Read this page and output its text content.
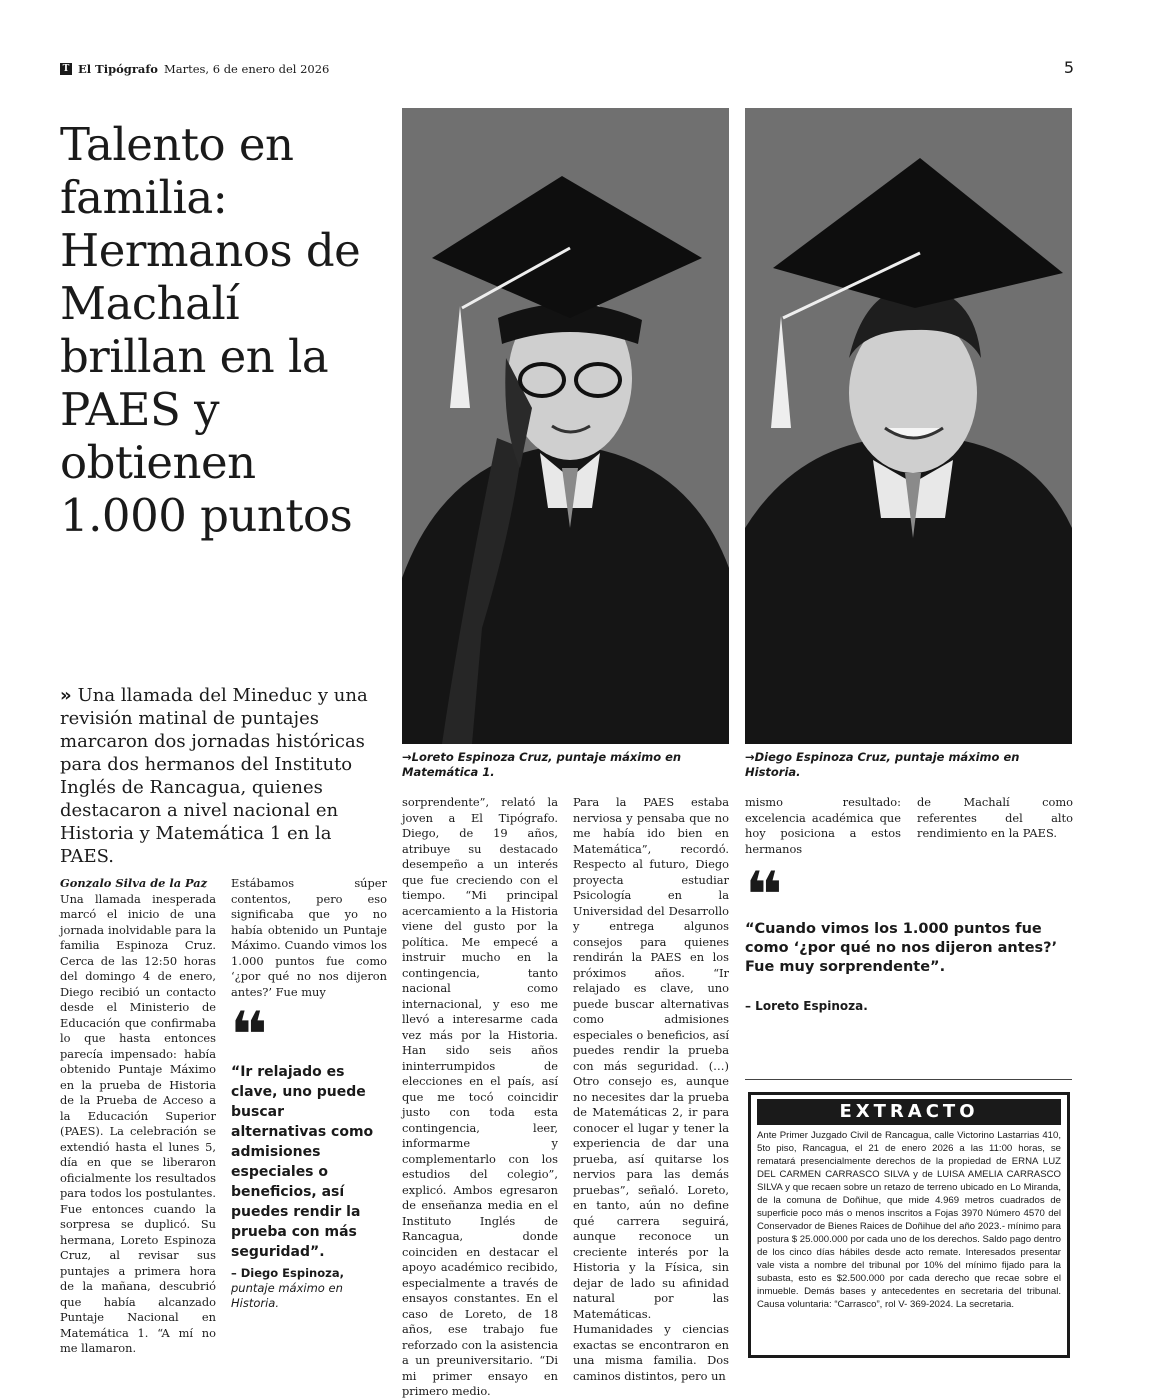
T El Tipógrafo Martes, 6 de enero del 2026	5
Talento en familia: Hermanos de Machalí brillan en la PAES y obtienen 1.000 puntos
» Una llamada del Mineduc y una revisión matinal de puntajes marcaron dos jornadas históricas para dos hermanos del Instituto Inglés de Rancagua, quienes destacaron a nivel nacional en Historia y Matemática 1 en la PAES.
→Loreto Espinoza Cruz, puntaje máximo en Matemática 1.
→Diego Espinoza Cruz, puntaje máximo en Historia.

Gonzalo Silva de la Paz

Una llamada inesperada marcó el inicio de una jornada inolvidable para la familia Espinoza Cruz. Cerca de las 12:50 horas del domingo 4 de enero, Diego recibió un contacto desde el Ministerio de Educación que confirmaba lo que hasta entonces parecía impensado: había obtenido Puntaje Máximo en la prueba de Historia de la Prueba de Acceso a la Educación Superior (PAES). La celebración se extendió hasta el lunes 5, día en que se liberaron oficialmente los resultados para todos los postulantes. Fue entonces cuando la sorpresa se duplicó. Su hermana, Loreto Espinoza Cruz, al revisar sus puntajes a primera hora de la mañana, descubrió que había alcanzado Puntaje Nacional en Matemática 1. “A mí no me llamaron.

Estábamos súper contentos, pero eso significaba que yo no había obtenido un Puntaje Máximo. Cuando vimos los 1.000 puntos fue como ‘¿por qué no nos dijeron antes?’ Fue muy

sorprendente”, relató la joven a El Tipógrafo. Diego, de 19 años, atribuye su destacado desempeño a un interés que fue creciendo con el tiempo. “Mi principal acercamiento a la Historia viene del gusto por la política. Me empecé a instruir mucho en la contingencia, tanto nacional como internacional, y eso me llevó a interesarme cada vez más por la Historia. Han sido seis años ininterrumpidos de elecciones en el país, así que me tocó coincidir justo con toda esta contingencia, leer, informarme y complementarlo con los estudios del colegio”, explicó. Ambos egresaron de enseñanza media en el Instituto Inglés de Rancagua, donde coinciden en destacar el apoyo académico recibido, especialmente a través de ensayos constantes. En el caso de Loreto, de 18 años, ese trabajo fue reforzado con la asistencia a un preuniversitario. “Di mi primer ensayo en primero medio.

Para la PAES estaba nerviosa y pensaba que no me había ido bien en Matemática”, recordó. Respecto al futuro, Diego proyecta estudiar Psicología en la Universidad del Desarrollo y entrega algunos consejos para quienes rendirán la PAES en los próximos años. “Ir relajado es clave, uno puede buscar alternativas como admisiones especiales o beneficios, así puedes rendir la prueba con más seguridad. (…) Otro consejo es, aunque no necesites dar la prueba de Matemáticas 2, ir para conocer el lugar y tener la experiencia de dar una prueba, así quitarse los nervios para las demás pruebas”, señaló. Loreto, en tanto, aún no define qué carrera seguirá, aunque reconoce un creciente interés por la Historia y la Física, sin dejar de lado su afinidad natural por las Matemáticas. Humanidades y ciencias exactas se encontraron en una misma familia. Dos caminos distintos, pero un

mismo resultado: excelencia académica que hoy posiciona a estos hermanos

de Machalí como referentes del alto rendimiento en la PAES.

❝
“Ir relajado es clave, uno puede buscar alternativas como admisiones especiales o beneficios, así puedes rendir la prueba con más seguridad”.
– Diego Espinoza,
puntaje máximo en Historia.
❝
“Cuando vimos los 1.000 puntos fue como ‘¿por qué no nos dijeron antes?’ Fue muy sorprendente”.
– Loreto Espinoza.
EXTRACTO
Ante Primer Juzgado Civil de Rancagua, calle Victorino Lastarrias 410, 5to piso, Rancagua, el 21 de enero 2026 a las 11:00 horas, se rematará presencialmente derechos de la propiedad de ERNA LUZ DEL CARMEN CARRASCO SILVA y de LUISA AMELIA CARRASCO SILVA y que recaen sobre un retazo de terreno ubicado en Lo Miranda, de la comuna de Doñihue, que mide 4.969 metros cuadrados de superficie poco más o menos inscritos a Fojas 3970 Número 4570 del Conservador de Bienes Raices de Doñihue del año 2023.- mínimo para postura $ 25.000.000 por cada uno de los derechos. Saldo pago dentro de los cinco días hábiles desde acto remate. Interesados presentar vale vista a nombre del tribunal por 10% del mínimo fijado para la subasta, esto es $2.500.000 por cada derecho que recae sobre el inmueble. Demás bases y antecedentes en secretaria del tribunal. Causa voluntaria: “Carrasco”, rol V- 369-2024. La secretaria.
